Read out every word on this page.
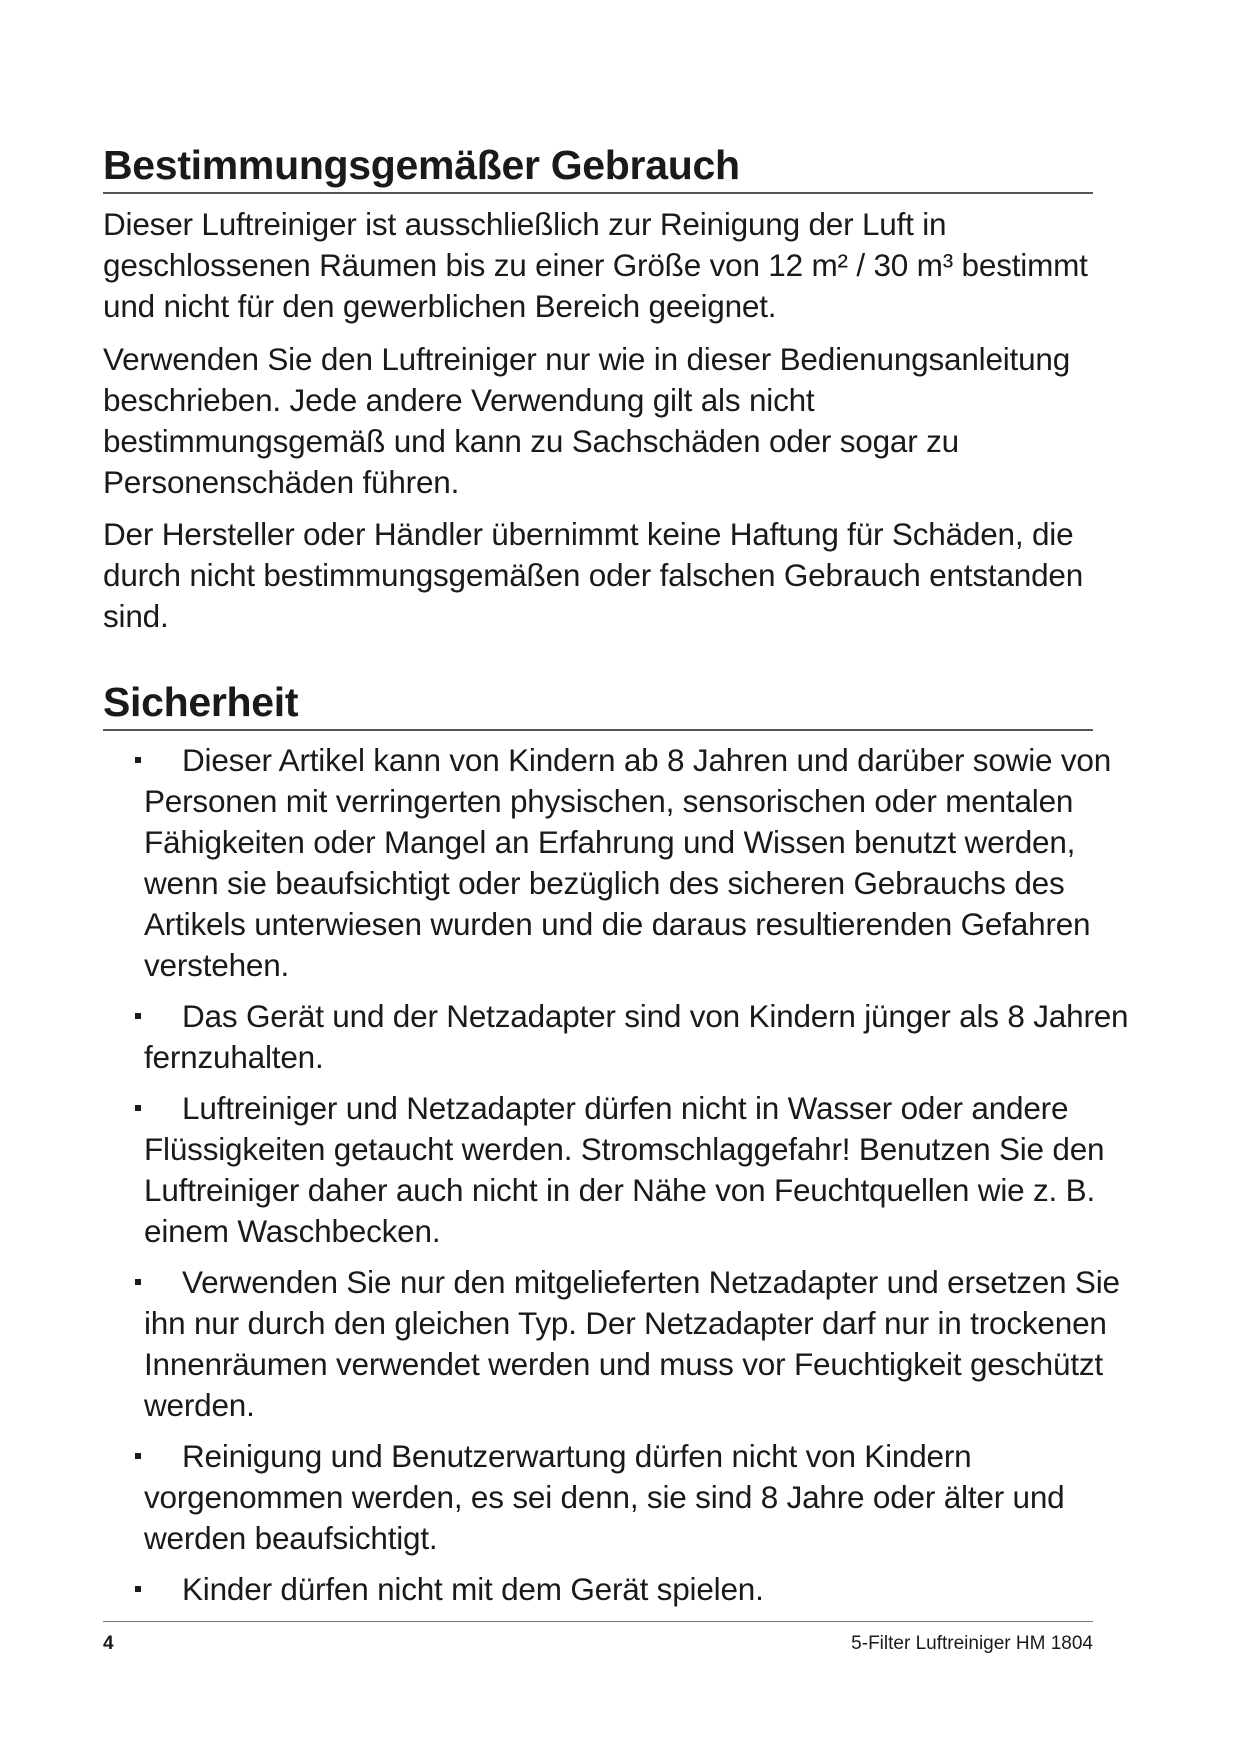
Bestimmungsgemäßer Gebrauch

Dieser Luftreiniger ist ausschließlich zur Reinigung der Luft in geschlossenen Räumen bis zu einer Größe von 12 m² / 30 m³ bestimmt und nicht für den gewerblichen Bereich geeignet.

Verwenden Sie den Luftreiniger nur wie in dieser Bedienungsanleitung beschrieben. Jede andere Verwendung gilt als nicht bestimmungsgemäß und kann zu Sachschäden oder sogar zu Personenschäden führen.

Der Hersteller oder Händler übernimmt keine Haftung für Schäden, die durch nicht bestimmungsgemäßen oder falschen Gebrauch entstanden sind.

Sicherheit
Dieser Artikel kann von Kindern ab 8 Jahren und darüber sowie von Personen mit verringerten physischen, sensorischen oder mentalen Fähigkeiten oder Mangel an Erfahrung und Wissen benutzt werden, wenn sie beaufsichtigt oder bezüglich des sicheren Gebrauchs des Artikels unterwiesen wurden und die daraus resultierenden Gefahren verstehen.
Das Gerät und der Netzadapter sind von Kindern jünger als 8 Jahren fernzuhalten.
Luftreiniger und Netzadapter dürfen nicht in Wasser oder andere Flüssigkeiten getaucht werden. Stromschlaggefahr! Benutzen Sie den Luftreiniger daher auch nicht in der Nähe von Feuchtquellen wie z. B. einem Waschbecken.
Verwenden Sie nur den mitgelieferten Netzadapter und ersetzen Sie ihn nur durch den gleichen Typ. Der Netzadapter darf nur in trockenen Innenräumen verwendet werden und muss vor Feuchtigkeit geschützt werden.
Reinigung und Benutzerwartung dürfen nicht von Kindern vorgenommen werden, es sei denn, sie sind 8 Jahre oder älter und werden beaufsichtigt.
Kinder dürfen nicht mit dem Gerät spielen.
4	5-Filter Luftreiniger HM 1804
